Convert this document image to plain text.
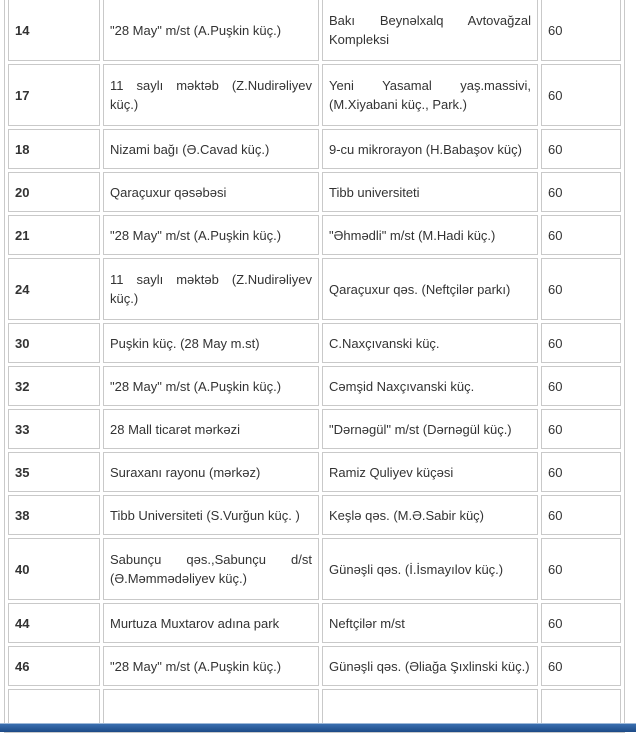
14	"28 May" m/st (A.Puşkin küç.)	Bakı Beynəlxalq Avtovağzal Kompleksi	60
17	11 saylı məktəb (Z.Nudirəliyev küç.)	Yeni Yasamal yaş.massivi, (M.Xiyabani küç., Park.)	60
18	Nizami bağı (Ə.Cavad küç.)	9-cu mikrorayon (H.Babaşov küç)	60
20	Qaraçuxur qəsəbəsi	Tibb universiteti	60
21	"28 May" m/st (A.Puşkin küç.)	"Əhmədli" m/st (M.Hadi küç.)	60
24	11 saylı məktəb (Z.Nudirəliyev küç.)	Qaraçuxur qəs. (Neftçilər parkı)	60
30	Puşkin küç. (28 May m.st)	C.Naxçıvanski küç.	60
32	"28 May" m/st (A.Puşkin küç.)	Cəmşid Naxçıvanski küç.	60
33	28 Mall ticarət mərkəzi	"Dərnəgül" m/st (Dərnəgül küç.)	60
35	Suraxanı rayonu (mərkəz)	Ramiz Quliyev küçəsi	60
38	Tibb Universiteti (S.Vurğun küç. )	Keşlə qəs. (M.Ə.Sabir küç)	60
40	Sabunçu qəs.,Sabunçu d/st (Ə.Məmmədəliyev küç.)	Günəşli qəs. (İ.İsmayılov küç.)	60
44	Murtuza Muxtarov adına park	Neftçilər m/st	60
46	"28 May" m/st (A.Puşkin küç.)	Günəşli qəs. (Əliağa Şıxlinski küç.)	60
